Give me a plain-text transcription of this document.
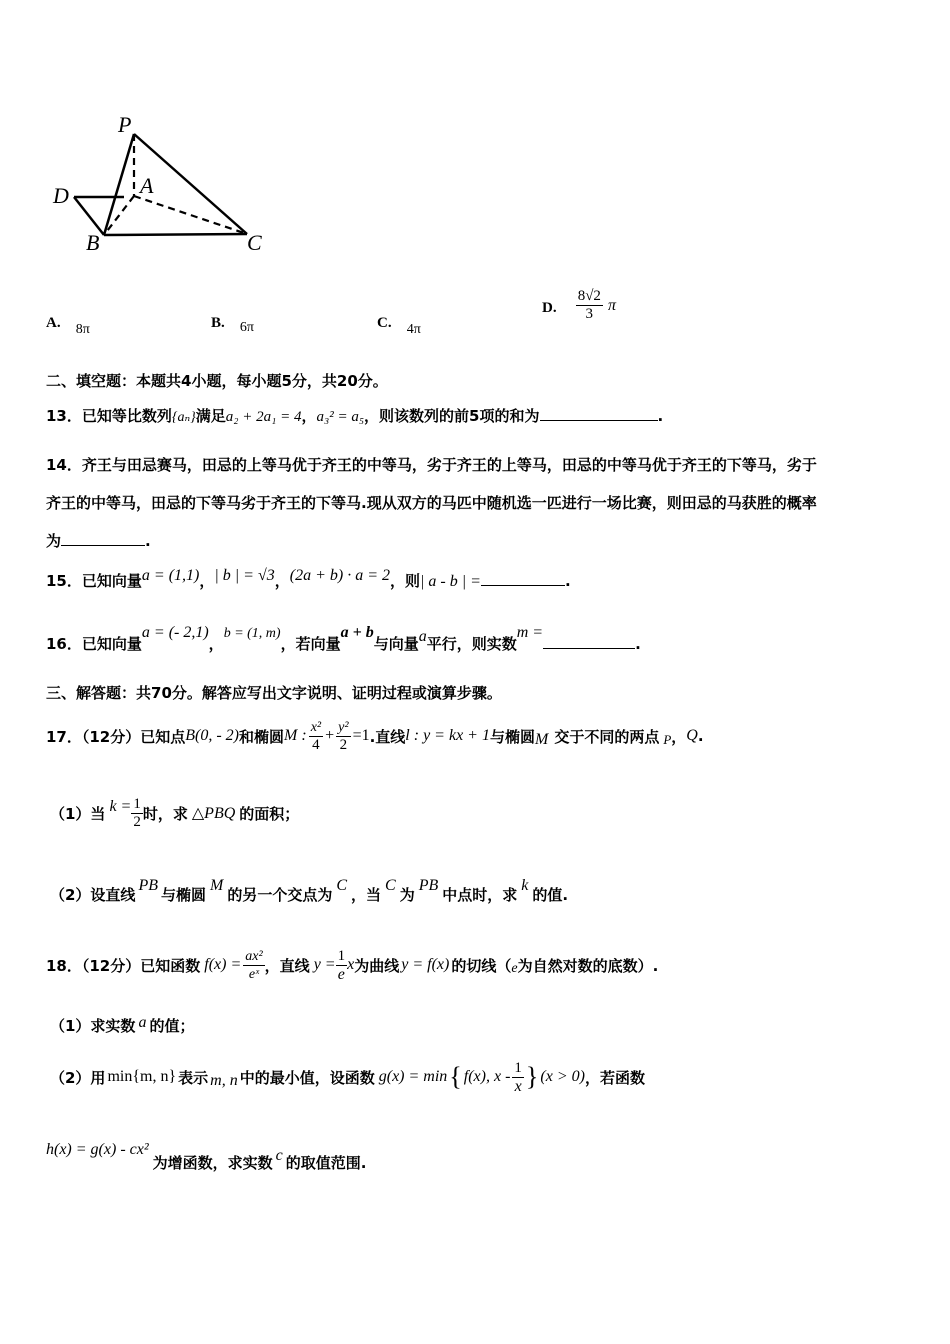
P
A
D
B	C
A. 8π	B. 6π	C. 4π
D. $\frac{8√2}{3}$ π
二、填空题：本题共4小题，每小题5分，共20分。
13．已知等比数列{aₙ}满足a₂ + 2a₁ = 4，a₃² = a₅，则该数列的前5项的和为	.
14．齐王与田忌赛马，田忌的上等马优于齐王的中等马，劣于齐王的上等马，田忌的中等马优于齐王的下等马，劣于
齐王的中等马，田忌的下等马劣于齐王的下等马.现从双方的马匹中随机选一匹进行一场比赛，则田忌的马获胜的概率
为	.
15．已知向量a = (1,1)，| b | = √3，(2a + b) · a = 2，则| a - b | =	.
16．已知向量a = (- 2,1)，b = (1, m)，若向量a + b与向量a平行，则实数m =.
三、解答题：共70分。解答应写出文字说明、证明过程或演算步骤。
17．（12分）已知点 B(0, - 2) 和椭圆 M : $\frac{\text{x²}}{4} + \frac{\text{y²}}{2} =1$ .直线 l : y = kx + 1 与椭圆 M 交于不同的两点 P ， Q .
（1）当 $k = \frac{1}{2}$ 时，求 △PBQ 的面积；
（2）设直线 PB 与椭圆 M 的另一个交点为 C ，当 C 为 PB 中点时，求 k 的值.
18．（12分）已知函数 $f(x) = \frac{\text{ax²}}{\text{eˣ}}$ ，直线 $y = \frac{1}{e}$ x 为曲线 y = f(x) 的切线（ e 为自然对数的底数）.
（1）求实数 a 的值；
（2）用 min{m, n} 表示 m, n 中的最小值，设函数 g(x) = min { f(x), x - $\frac{1}{x}$ } (x > 0) ，若函数
h(x) = g(x) - cx²
为增函数，求实数 c 的取值范围.
